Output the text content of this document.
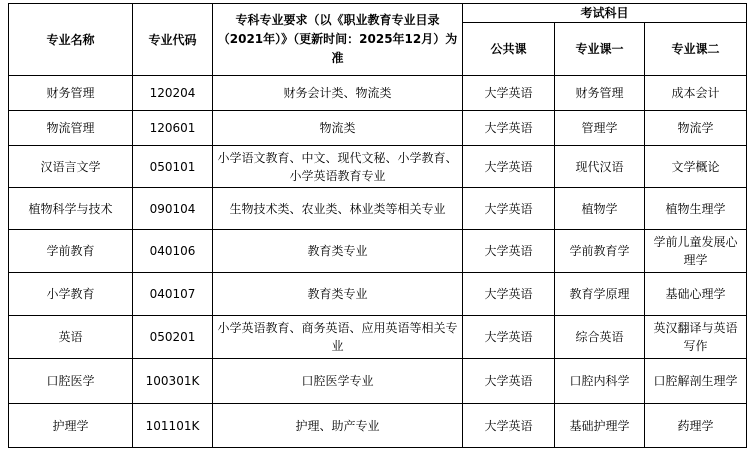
专业名称	专业代码	专科专业要求（以《职业教育专业目录（2021年）》（更新时间：2025年12月）为准	考试科目		
			公共课	专业课一	专业课二
财务管理	120204	财务会计类、物流类	大学英语	财务管理	成本会计
物流管理	120601	物流类	大学英语	管理学	物流学
汉语言文学	050101	小学语文教育、中文、现代文秘、小学教育、小学英语教育专业	大学英语	现代汉语	文学概论
植物科学与技术	090104	生物技术类、农业类、林业类等相关专业	大学英语	植物学	植物生理学
学前教育	040106	教育类专业	大学英语	学前教育学	学前儿童发展心理学
小学教育	040107	教育类专业	大学英语	教育学原理	基础心理学
英语	050201	小学英语教育、商务英语、应用英语等相关专业	大学英语	综合英语	英汉翻译与英语写作
口腔医学	100301K	口腔医学专业	大学英语	口腔内科学	口腔解剖生理学
护理学	101101K	护理、助产专业	大学英语	基础护理学	药理学
